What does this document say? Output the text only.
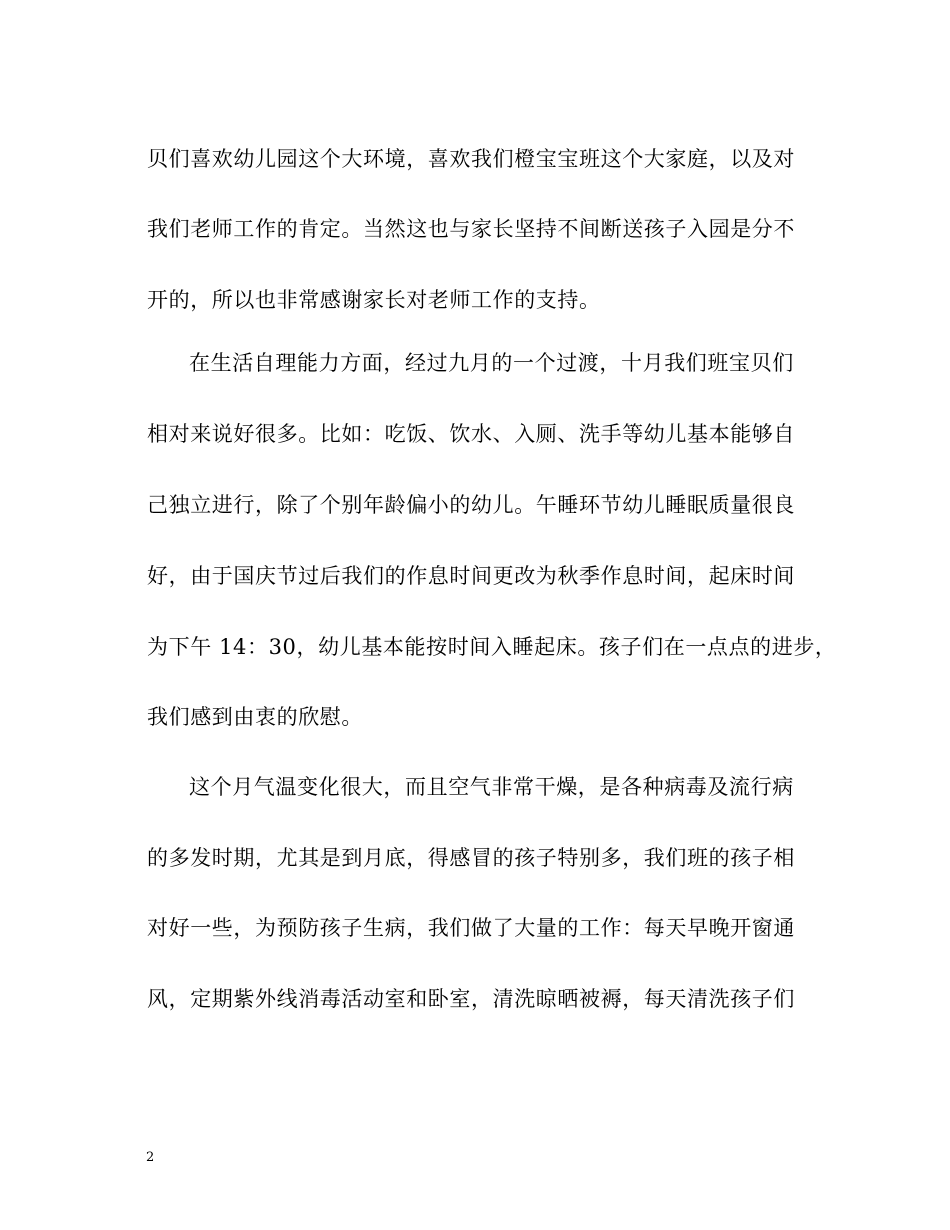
贝们喜欢幼儿园这个大环境，喜欢我们橙宝宝班这个大家庭，以及对
我们老师工作的肯定。当然这也与家长坚持不间断送孩子入园是分不
开的，所以也非常感谢家长对老师工作的支持。
在生活自理能力方面，经过九月的一个过渡，十月我们班宝贝们
相对来说好很多。比如：吃饭、饮水、入厕、洗手等幼儿基本能够自
己独立进行，除了个别年龄偏小的幼儿。午睡环节幼儿睡眠质量很良
好，由于国庆节过后我们的作息时间更改为秋季作息时间，起床时间
为下午 14：30，幼儿基本能按时间入睡起床。孩子们在一点点的进步，
我们感到由衷的欣慰。
这个月气温变化很大，而且空气非常干燥，是各种病毒及流行病
的多发时期，尤其是到月底，得感冒的孩子特别多，我们班的孩子相
对好一些，为预防孩子生病，我们做了大量的工作：每天早晚开窗通
风，定期紫外线消毒活动室和卧室，清洗晾晒被褥，每天清洗孩子们
2
